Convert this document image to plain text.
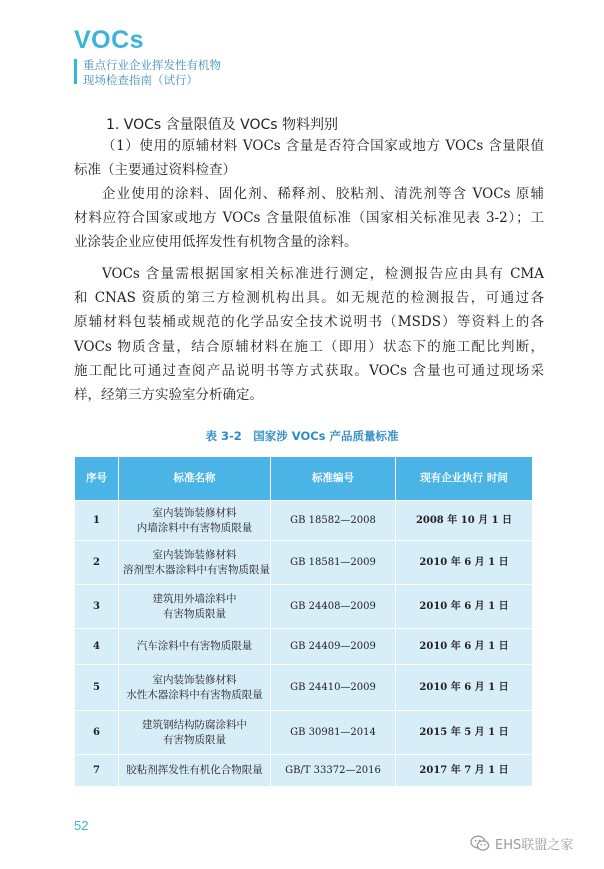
VOCs
重点行业企业挥发性有机物
现场检查指南（试行）
1. VOCs 含量限值及 VOCs 物料判别
（1）使用的原辅材料 VOCs 含量是否符合国家或地方 VOCs 含量限值
标准（主要通过资料检查）
企业使用的涂料、固化剂、稀释剂、胶粘剂、清洗剂等含 VOCs 原辅
材料应符合国家或地方 VOCs 含量限值标准（国家相关标准见表 3-2）；工
业涂装企业应使用低挥发性有机物含量的涂料。
VOCs 含量需根据国家相关标准进行测定，检测报告应由具有 CMA
和 CNAS 资质的第三方检测机构出具。如无规范的检测报告，可通过各
原辅材料包装桶或规范的化学品安全技术说明书（MSDS）等资料上的各
VOCs 物质含量，结合原辅材料在施工（即用）状态下的施工配比判断，
施工配比可通过查阅产品说明书等方式获取。VOCs 含量也可通过现场采
样，经第三方实验室分析确定。
表 3-2　国家涉 VOCs 产品质量标准
序号	标准名称	标准编号	现有企业执行 时间
1	室内装饰装修材料
内墙涂料中有害物质限量	GB 18582—2008	2008 年 10 月 1 日
2	室内装饰装修材料
溶剂型木器涂料中有害物质限量	GB 18581—2009	2010 年 6 月 1 日
3	建筑用外墙涂料中
有害物质限量	GB 24408—2009	2010 年 6 月 1 日
4	汽车涂料中有害物质限量	GB 24409—2009	2010 年 6 月 1 日
5	室内装饰装修材料
水性木器涂料中有害物质限量	GB 24410—2009	2010 年 6 月 1 日
6	建筑钢结构防腐涂料中
有害物质限量	GB 30981—2014	2015 年 5 月 1 日
7	胶粘剂挥发性有机化合物限量	GB/T 33372—2016	2017 年 7 月 1 日
52
EHS联盟之家
